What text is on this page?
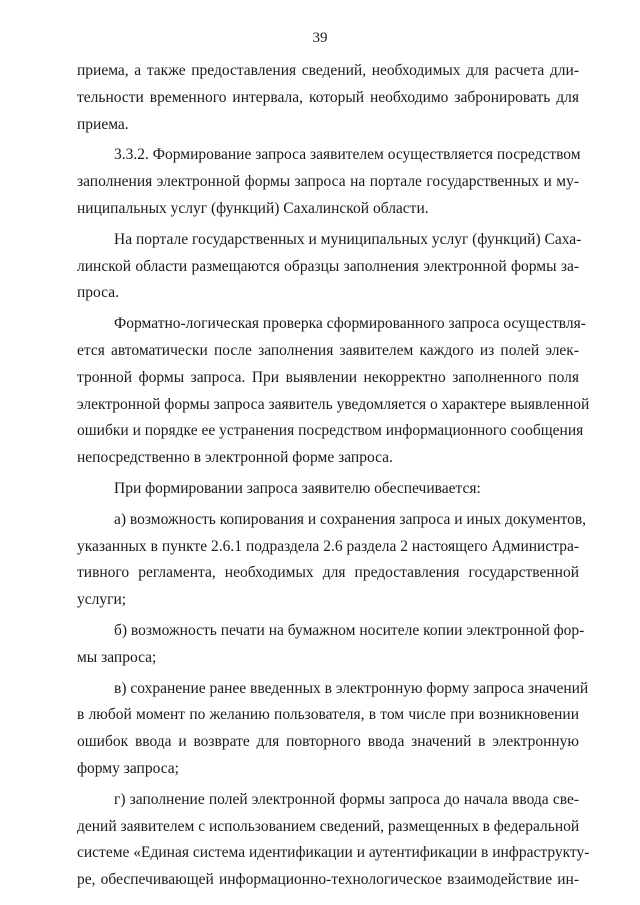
39
приема, а также предоставления сведений, необходимых для расчета дли-
тельности временного интервала, который необходимо забронировать для
приема.
3.3.2. Формирование запроса заявителем осуществляется посредством
заполнения электронной формы запроса на портале государственных и му-
ниципальных услуг (функций) Сахалинской области.
На портале государственных и муниципальных услуг (функций) Саха-
линской области размещаются образцы заполнения электронной формы за-
проса.
Форматно-логическая проверка сформированного запроса осуществля-
ется автоматически после заполнения заявителем каждого из полей элек-
тронной формы запроса. При выявлении некорректно заполненного поля
электронной формы запроса заявитель уведомляется о характере выявленной
ошибки и порядке ее устранения посредством информационного сообщения
непосредственно в электронной форме запроса.
При формировании запроса заявителю обеспечивается:
а) возможность копирования и сохранения запроса и иных документов,
указанных в пункте 2.6.1 подраздела 2.6 раздела 2 настоящего Администра-
тивного регламента, необходимых для предоставления государственной
услуги;
б) возможность печати на бумажном носителе копии электронной фор-
мы запроса;
в) сохранение ранее введенных в электронную форму запроса значений
в любой момент по желанию пользователя, в том числе при возникновении
ошибок ввода и возврате для повторного ввода значений в электронную
форму запроса;
г) заполнение полей электронной формы запроса до начала ввода све-
дений заявителем с использованием сведений, размещенных в федеральной
системе «Единая система идентификации и аутентификации в инфраструкту-
ре, обеспечивающей информационно-технологическое взаимодействие ин-
